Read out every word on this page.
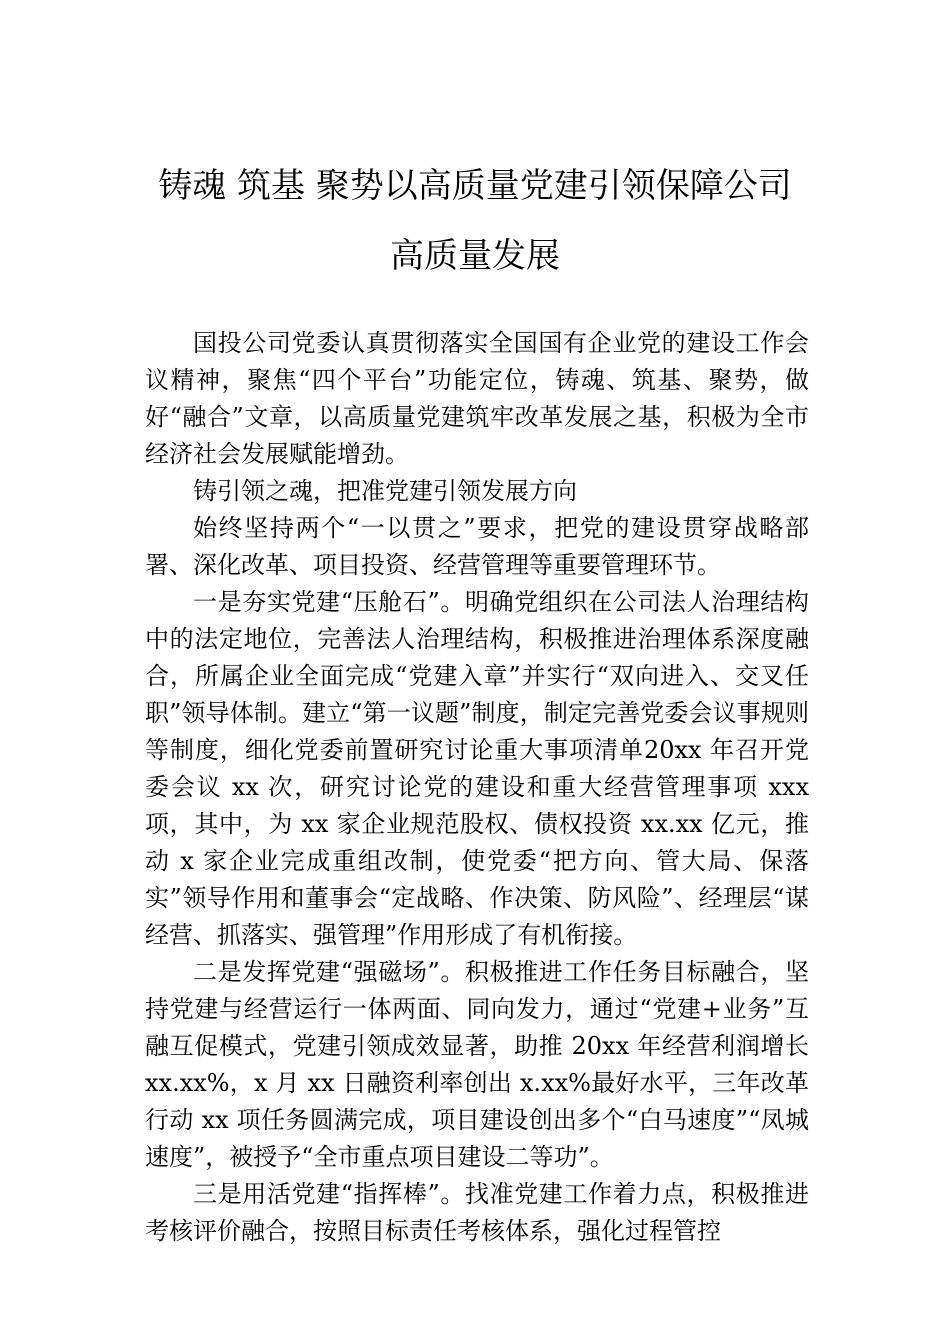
铸魂 筑基 聚势以高质量党建引领保障公司
高质量发展

国投公司党委认真贯彻落实全国国有企业党的建设工作会议精神，聚焦“四个平台”功能定位，铸魂、筑基、聚势，做好“融合”文章，以高质量党建筑牢改革发展之基，积极为全市经济社会发展赋能增劲。

铸引领之魂，把准党建引领发展方向

始终坚持两个“一以贯之”要求，把党的建设贯穿战略部署、深化改革、项目投资、经营管理等重要管理环节。

一是夯实党建“压舱石”。明确党组织在公司法人治理结构中的法定地位，完善法人治理结构，积极推进治理体系深度融合，所属企业全面完成“党建入章”并实行“双向进入、交叉任职”领导体制。建立“第一议题”制度，制定完善党委会议事规则等制度，细化党委前置研究讨论重大事项清单20xx 年召开党委会议 xx 次，研究讨论党的建设和重大经营管理事项 xxx 项，其中，为 xx 家企业规范股权、债权投资 xx.xx 亿元，推动 x 家企业完成重组改制，使党委“把方向、管大局、保落实”领导作用和董事会“定战略、作决策、防风险”、经理层“谋经营、抓落实、强管理”作用形成了有机衔接。

二是发挥党建“强磁场”。积极推进工作任务目标融合，坚持党建与经营运行一体两面、同向发力，通过“党建+业务”互融互促模式，党建引领成效显著，助推 20xx 年经营利润增长 xx.xx%，x 月 xx 日融资利率创出 x.xx%最好水平，三年改革行动 xx 项任务圆满完成，项目建设创出多个“白马速度”“凤城速度”，被授予“全市重点项目建设二等功”。

三是用活党建“指挥棒”。找准党建工作着力点，积极推进考核评价融合，按照目标责任考核体系，强化过程管控
